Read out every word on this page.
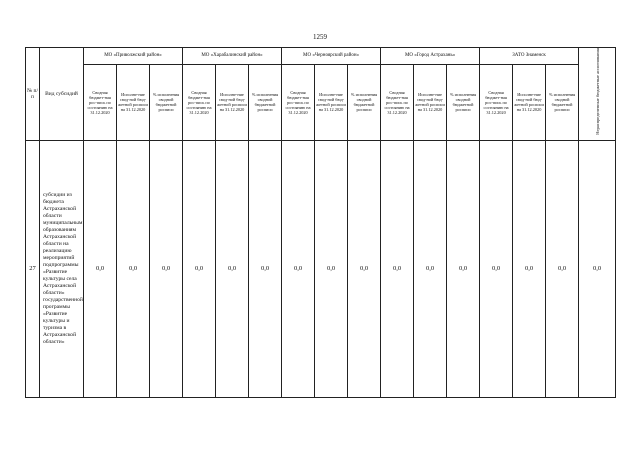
1259
№ п/п	Вид субсидий	МО «Приволжский район»			МО «Харабалинский район»			МО «Черноярский район»			МО «Город Астрахань»			ЗАТО Знаменск			Нераспределенные бюджетные ассигнования
		Сводная бюджет-ная рос-пись по состоянию на 31.12.2020	Исполне-ние свод-ной бюд-жетной росписи на 31.12.2020	% исполнения сводной бюджетной росписи	Сводная бюджет-ная рос-пись по состоянию на 31.12.2020	Исполне-ние свод-ной бюд-жетной росписи на 31.12.2020	% исполнения сводной бюджетной росписи	Сводная бюджет-ная рос-пись по состоянию на 31.12.2020	Исполне-ние свод-ной бюд-жетной росписи на 31.12.2020	% исполнения сводной бюджетной росписи	Сводная бюджет-ная рос-пись по состоянию на 31.12.2020	Исполне-ние свод-ной бюд-жетной росписи на 31.12.2020	% исполнения сводной бюджетной росписи	Сводная бюджет-ная рос-пись по состоянию на 31.12.2020	Исполне-ние свод-ной бюд-жетной росписи на 31.12.2020	% исполнения сводной бюджетной росписи	
27	субсидии из бюджета Астраханской области муниципальным образованиям Астраханской области на реализацию мероприятий подпрограммы «Развитие культуры села Астраханской области» государственной программы «Развитие культуры и туризма в Астраханской области»	0,0	0,0	0,0	0,0	0,0	0,0	0,0	0,0	0,0	0,0	0,0	0,0	0,0	0,0	0,0	0,0
